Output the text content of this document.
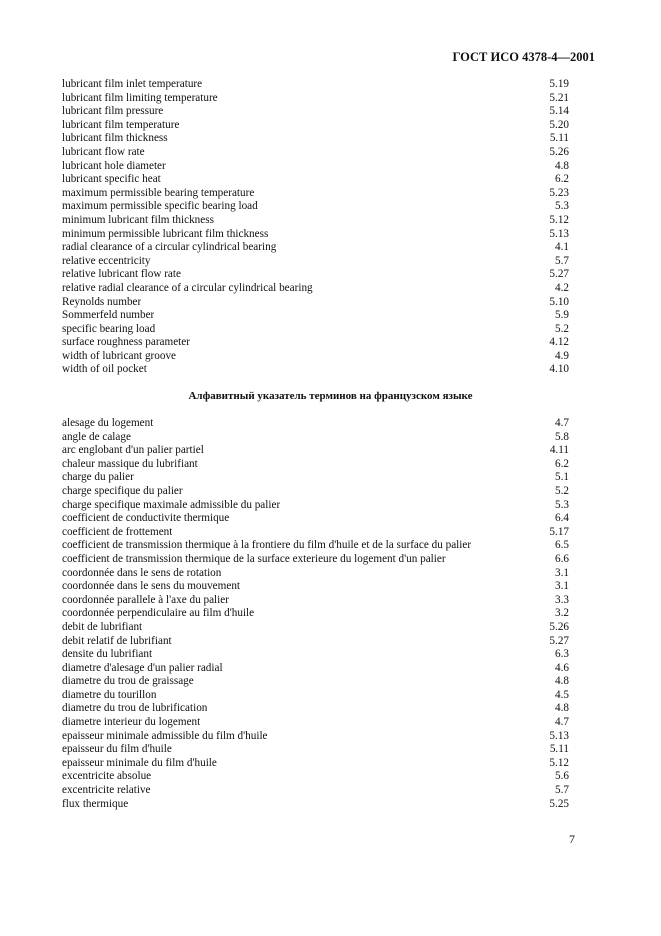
ГОСТ ИСО 4378-4—2001
lubricant film inlet temperature	5.19
lubricant film limiting temperature	5.21
lubricant film pressure	5.14
lubricant film temperature	5.20
lubricant film thickness	5.11
lubricant flow rate	5.26
lubricant hole diameter	4.8
lubricant specific heat	6.2
maximum permissible bearing temperature	5.23
maximum permissible specific bearing load	5.3
minimum lubricant film thickness	5.12
minimum permissible lubricant film thickness	5.13
radial clearance of a circular cylindrical bearing	4.1
relative eccentricity	5.7
relative lubricant flow rate	5.27
relative radial clearance of a circular cylindrical bearing	4.2
Reynolds number	5.10
Sommerfeld number	5.9
specific bearing load	5.2
surface roughness parameter	4.12
width of lubricant groove	4.9
width of oil pocket	4.10
Алфавитный указатель терминов на французском языке
alesage du logement	4.7
angle de calage	5.8
arc englobant d'un palier partiel	4.11
chaleur massique du lubrifiant	6.2
charge du palier	5.1
charge specifique du palier	5.2
charge specifique maximale admissible du palier	5.3
coefficient de conductivite thermique	6.4
coefficient de frottement	5.17
coefficient de transmission thermique à la frontiere du film d'huile et de la surface du palier	6.5
coefficient de transmission thermique de la surface exterieure du logement d'un palier	6.6
coordonnée dans le sens de rotation	3.1
coordonnée dans le sens du mouvement	3.1
coordonnée parallele à l'axe du palier	3.3
coordonnée perpendiculaire au film d'huile	3.2
debit de lubrifiant	5.26
debit relatif de lubrifiant	5.27
densite du lubrifiant	6.3
diametre d'alesage d'un palier radial	4.6
diametre du trou de graissage	4.8
diametre du tourillon	4.5
diametre du trou de lubrification	4.8
diametre interieur du logement	4.7
epaisseur minimale admissible du film d'huile	5.13
epaisseur du film d'huile	5.11
epaisseur minimale du film d'huile	5.12
excentricite absolue	5.6
excentricite relative	5.7
flux thermique	5.25
7
